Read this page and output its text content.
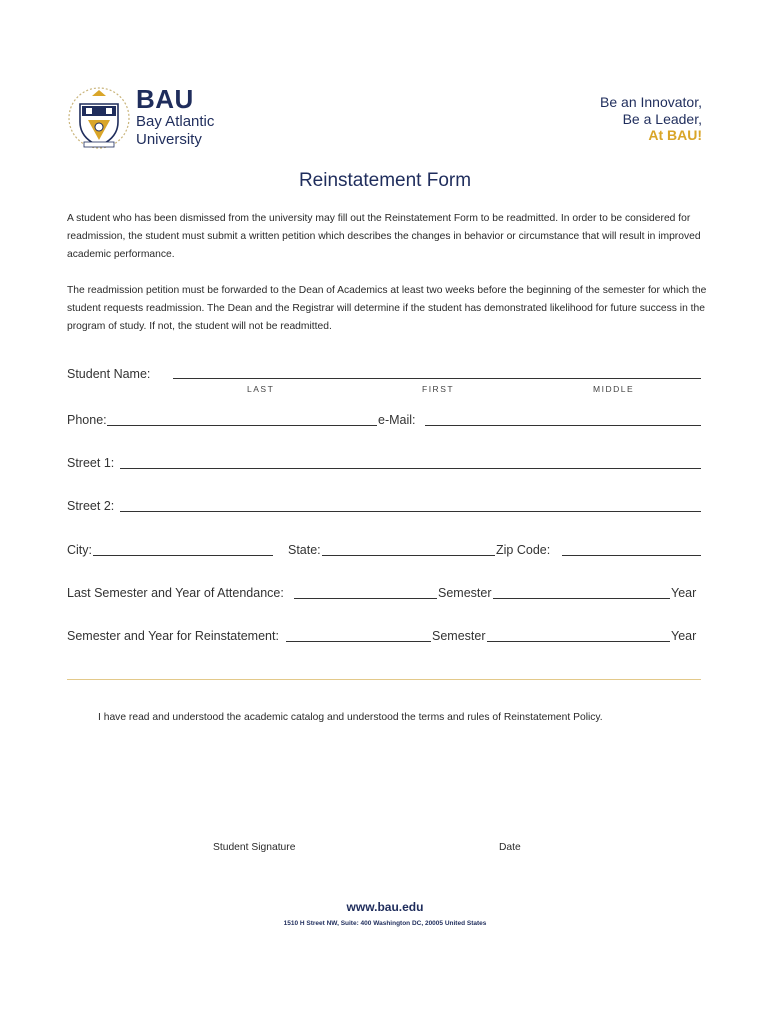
BAU
Bay Atlantic
University
Be an Innovator,
Be a Leader,
At BAU!
Reinstatement Form
A student who has been dismissed from the university may fill out the Reinstatement Form to be readmitted. In order to be considered for readmission, the student must submit a written petition which describes the changes in behavior or circumstance that will result in improved academic performance.
The readmission petition must be forwarded to the Dean of Academics at least two weeks before the beginning of the semester for which the student requests readmission. The Dean and the Registrar will determine if the student has demonstrated likelihood for future success in the program of study. If not, the student will not be readmitted.
Student Name:
LAST	FIRST	MIDDLE
Phone:	e-Mail:
Street 1:
Street 2:
City:	State:	Zip Code:
Last Semester and Year of Attendance:	Semester	Year
Semester and Year for Reinstatement:	Semester	Year
I have read and understood the academic catalog and understood the terms and rules of Reinstatement Policy.
Student Signature	Date
www.bau.edu
1510 H Street NW, Suite: 400 Washington DC, 20005 United States
